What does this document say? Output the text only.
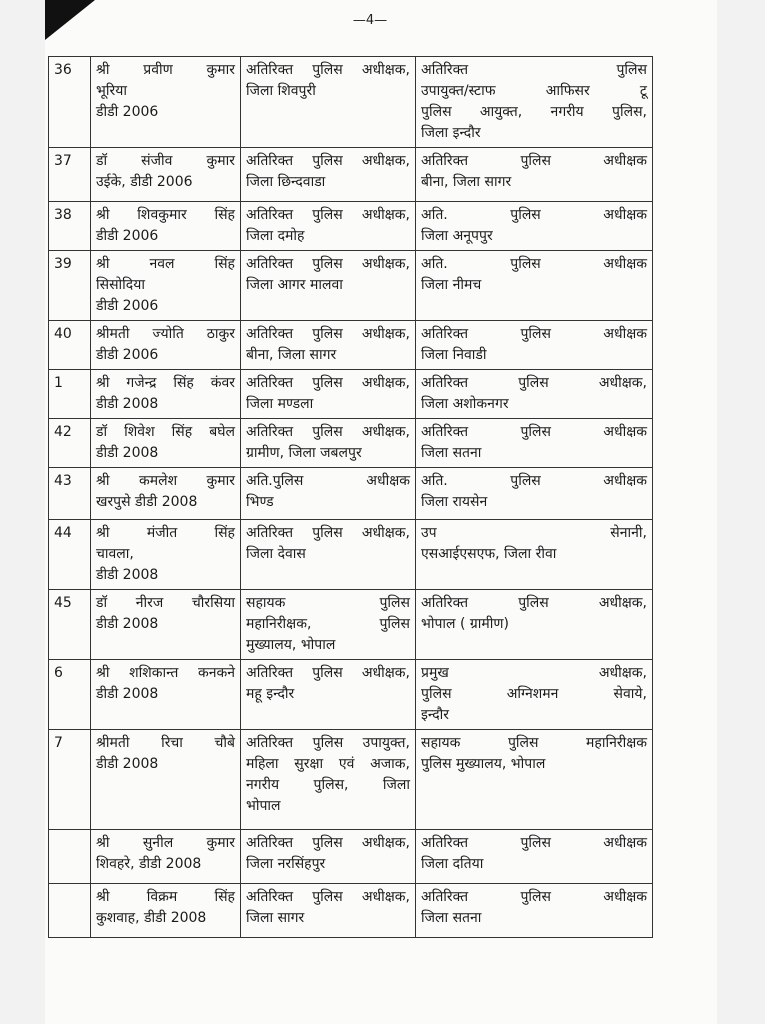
—4—
36	श्री प्रवीण कुमार
भूरिया
डीडी 2006	अतिरिक्त पुलिस अधीक्षक,
जिला शिवपुरी	अतिरिक्त पुलिस
उपायुक्त/स्टाफ आफिसर टू
पुलिस आयुक्त, नगरीय पुलिस,
जिला इन्दौर

37	डॉ संजीव कुमार
उईके, डीडी 2006	अतिरिक्त पुलिस अधीक्षक,
जिला छिन्दवाडा	अतिरिक्त पुलिस अधीक्षक
बीना, जिला सागर

38	श्री शिवकुमार सिंह
डीडी 2006	अतिरिक्त पुलिस अधीक्षक,
जिला दमोह	अति. पुलिस अधीक्षक
जिला अनूपपुर

39	श्री नवल सिंह
सिसोदिया
डीडी 2006	अतिरिक्त पुलिस अधीक्षक,
जिला आगर मालवा	अति. पुलिस अधीक्षक
जिला नीमच

40	श्रीमती ज्योति ठाकुर
डीडी 2006	अतिरिक्त पुलिस अधीक्षक,
बीना, जिला सागर	अतिरिक्त पुलिस अधीक्षक
जिला निवाडी

1	श्री गजेन्द्र सिंह कंवर
डीडी 2008	अतिरिक्त पुलिस अधीक्षक,
जिला मण्डला	अतिरिक्त पुलिस अधीक्षक,
जिला अशोकनगर

42	डॉ शिवेश सिंह बघेल
डीडी 2008	अतिरिक्त पुलिस अधीक्षक,
ग्रामीण, जिला जबलपुर	अतिरिक्त पुलिस अधीक्षक
जिला सतना

43	श्री कमलेश कुमार
खरपुसे डीडी 2008	अति.पुलिस अधीक्षक
भिण्ड	अति. पुलिस अधीक्षक
जिला रायसेन

44	श्री मंजीत सिंह
चावला,
डीडी 2008	अतिरिक्त पुलिस अधीक्षक,
जिला देवास	उप सेनानी,
एसआईएसएफ, जिला रीवा

45	डॉ नीरज चौरसिया
डीडी 2008	सहायक पुलिस
महानिरीक्षक, पुलिस
मुख्यालय, भोपाल	अतिरिक्त पुलिस अधीक्षक,
भोपाल ( ग्रामीण)

6	श्री शशिकान्त कनकने
डीडी 2008	अतिरिक्त पुलिस अधीक्षक,
महू इन्दौर	प्रमुख अधीक्षक,
पुलिस अग्निशमन सेवाये,
इन्दौर

7	श्रीमती रिचा चौबे
डीडी 2008	अतिरिक्त पुलिस उपायुक्त,
महिला सुरक्षा एवं अजाक,
नगरीय पुलिस, जिला
भोपाल	सहायक पुलिस महानिरीक्षक
पुलिस मुख्यालय, भोपाल

	श्री सुनील कुमार
शिवहरे, डीडी 2008	अतिरिक्त पुलिस अधीक्षक,
जिला नरसिंहपुर	अतिरिक्त पुलिस अधीक्षक
जिला दतिया

	श्री विक्रम सिंह
कुशवाह, डीडी 2008	अतिरिक्त पुलिस अधीक्षक,
जिला सागर	अतिरिक्त पुलिस अधीक्षक
जिला सतना
